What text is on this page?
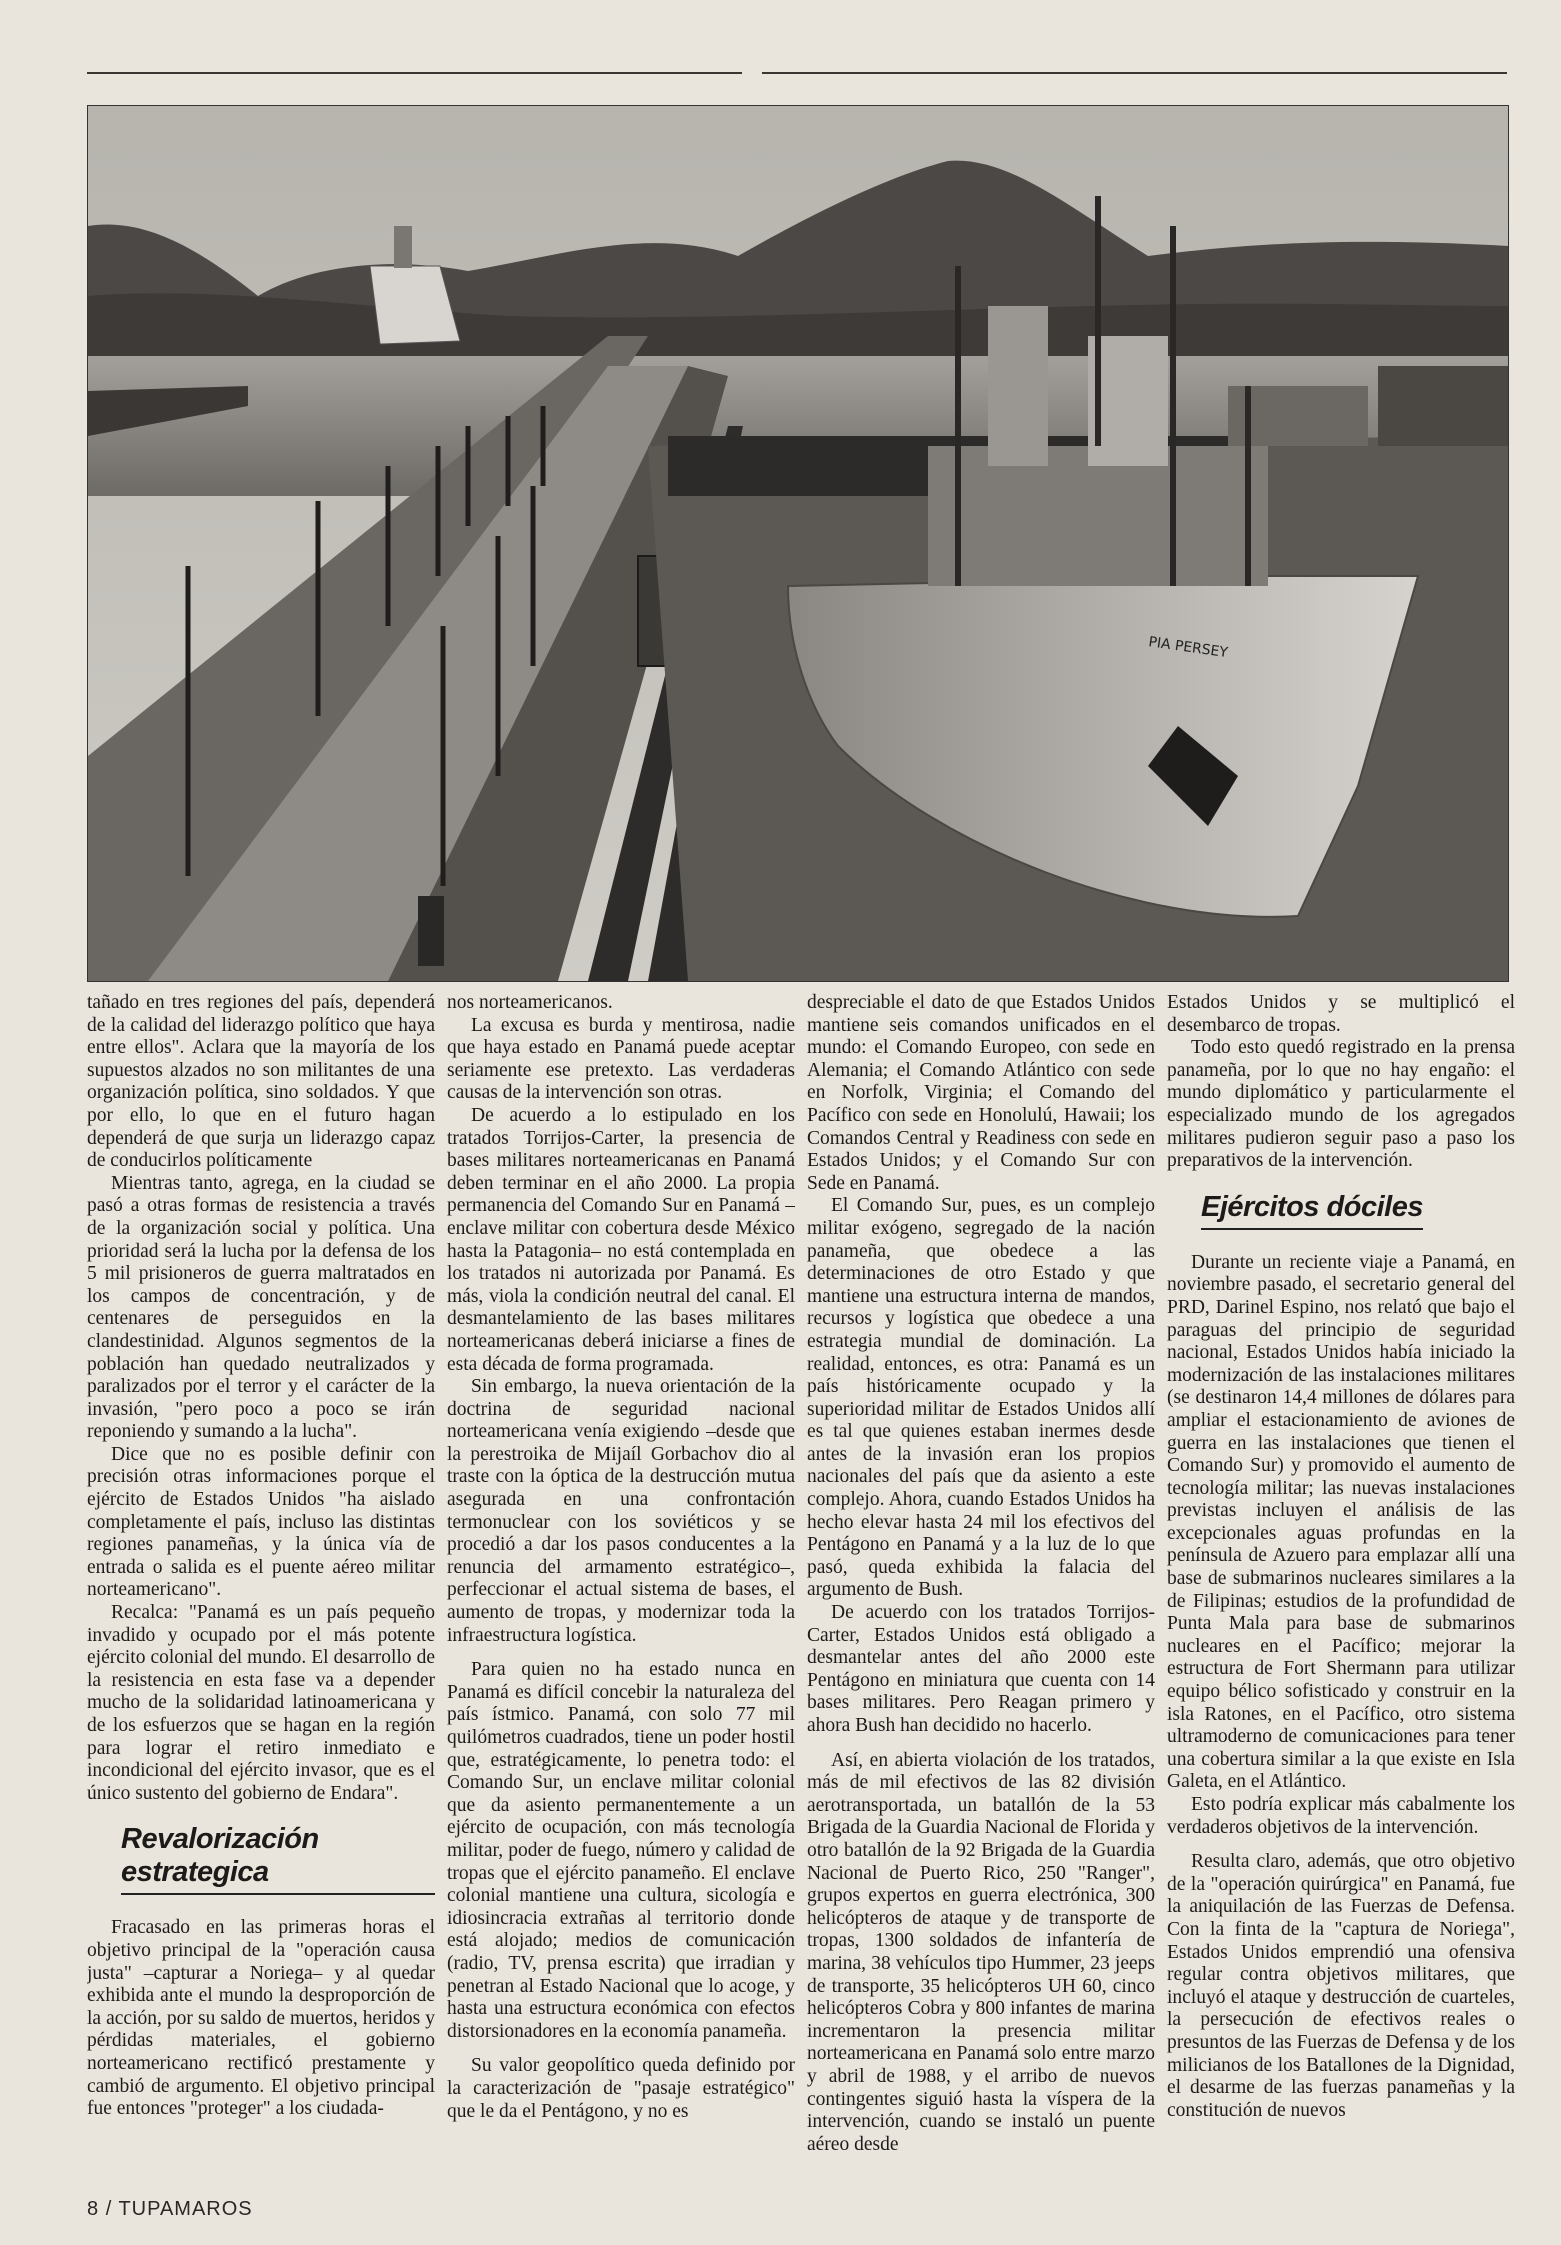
PIA PERSEY

tañado en tres regiones del país, dependerá de la calidad del liderazgo político que haya entre ellos". Aclara que la mayoría de los supuestos alzados no son militantes de una organización política, sino soldados. Y que por ello, lo que en el futuro hagan dependerá de que surja un liderazgo capaz de conducirlos políticamente

Mientras tanto, agrega, en la ciudad se pasó a otras formas de resistencia a través de la organización social y política. Una prioridad será la lucha por la defensa de los 5 mil prisioneros de guerra maltratados en los campos de concentración, y de centenares de perseguidos en la clandestinidad. Algunos segmentos de la población han quedado neutralizados y paralizados por el terror y el carácter de la invasión, "pero poco a poco se irán reponiendo y sumando a la lucha".

Dice que no es posible definir con precisión otras informaciones porque el ejército de Estados Unidos "ha aislado completamente el país, incluso las distintas regiones panameñas, y la única vía de entrada o salida es el puente aéreo militar norteamericano".

Recalca: "Panamá es un país pequeño invadido y ocupado por el más potente ejército colonial del mundo. El desarrollo de la resistencia en esta fase va a depender mucho de la solidaridad latinoamericana y de los esfuerzos que se hagan en la región para lograr el retiro inmediato e incondicional del ejército invasor, que es el único sustento del gobierno de Endara".

Revalorización estrategica

Fracasado en las primeras horas el objetivo principal de la "operación causa justa" –capturar a Noriega– y al quedar exhibida ante el mundo la desproporción de la acción, por su saldo de muertos, heridos y pérdidas materiales, el gobierno norteamericano rectificó prestamente y cambió de argumento. El objetivo principal fue entonces "proteger" a los ciudada-

nos norteamericanos.

La excusa es burda y mentirosa, nadie que haya estado en Panamá puede aceptar seriamente ese pretexto. Las verdaderas causas de la intervención son otras.

De acuerdo a lo estipulado en los tratados Torrijos-Carter, la presencia de bases militares norteamericanas en Panamá deben terminar en el año 2000. La propia permanencia del Comando Sur en Panamá –enclave militar con cobertura desde México hasta la Patagonia– no está contemplada en los tratados ni autorizada por Panamá. Es más, viola la condición neutral del canal. El desmantelamiento de las bases militares norteamericanas deberá iniciarse a fines de esta década de forma programada.

Sin embargo, la nueva orientación de la doctrina de seguridad nacional norteamericana venía exigiendo –desde que la perestroika de Mijaíl Gorbachov dio al traste con la óptica de la destrucción mutua asegurada en una confrontación termonuclear con los soviéticos y se procedió a dar los pasos conducentes a la renuncia del armamento estratégico–, perfeccionar el actual sistema de bases, el aumento de tropas, y modernizar toda la infraestructura logística.

Para quien no ha estado nunca en Panamá es difícil concebir la naturaleza del país ístmico. Panamá, con solo 77 mil quilómetros cuadrados, tiene un poder hostil que, estratégicamente, lo penetra todo: el Comando Sur, un enclave militar colonial que da asiento permanentemente a un ejército de ocupación, con más tecnología militar, poder de fuego, número y calidad de tropas que el ejército panameño. El enclave colonial mantiene una cultura, sicología e idiosincracia extrañas al territorio donde está alojado; medios de comunicación (radio, TV, prensa escrita) que irradian y penetran al Estado Nacional que lo acoge, y hasta una estructura económica con efectos distorsionadores en la economía panameña.

Su valor geopolítico queda definido por la caracterización de "pasaje estratégico" que le da el Pentágono, y no es

despreciable el dato de que Estados Unidos mantiene seis comandos unificados en el mundo: el Comando Europeo, con sede en Alemania; el Comando Atlántico con sede en Norfolk, Virginia; el Comando del Pacífico con sede en Honolulú, Hawaii; los Comandos Central y Readiness con sede en Estados Unidos; y el Comando Sur con Sede en Panamá.

El Comando Sur, pues, es un complejo militar exógeno, segregado de la nación panameña, que obedece a las determinaciones de otro Estado y que mantiene una estructura interna de mandos, recursos y logística que obedece a una estrategia mundial de dominación. La realidad, entonces, es otra: Panamá es un país históricamente ocupado y la superioridad militar de Estados Unidos allí es tal que quienes estaban inermes desde antes de la invasión eran los propios nacionales del país que da asiento a este complejo. Ahora, cuando Estados Unidos ha hecho elevar hasta 24 mil los efectivos del Pentágono en Panamá y a la luz de lo que pasó, queda exhibida la falacia del argumento de Bush.

De acuerdo con los tratados Torrijos-Carter, Estados Unidos está obligado a desmantelar antes del año 2000 este Pentágono en miniatura que cuenta con 14 bases militares. Pero Reagan primero y ahora Bush han decidido no hacerlo.

Así, en abierta violación de los tratados, más de mil efectivos de las 82 división aerotransportada, un batallón de la 53 Brigada de la Guardia Nacional de Florida y otro batallón de la 92 Brigada de la Guardia Nacional de Puerto Rico, 250 "Ranger", grupos expertos en guerra electrónica, 300 helicópteros de ataque y de transporte de tropas, 1300 soldados de infantería de marina, 38 vehículos tipo Hummer, 23 jeeps de transporte, 35 helicópteros UH 60, cinco helicópteros Cobra y 800 infantes de marina incrementaron la presencia militar norteamericana en Panamá solo entre marzo y abril de 1988, y el arribo de nuevos contingentes siguió hasta la víspera de la intervención, cuando se instaló un puente aéreo desde

Estados Unidos y se multiplicó el desembarco de tropas.

Todo esto quedó registrado en la prensa panameña, por lo que no hay engaño: el mundo diplomático y particularmente el especializado mundo de los agregados militares pudieron seguir paso a paso los preparativos de la intervención.

Ejércitos dóciles

Durante un reciente viaje a Panamá, en noviembre pasado, el secretario general del PRD, Darinel Espino, nos relató que bajo el paraguas del principio de seguridad nacional, Estados Unidos había iniciado la modernización de las instalaciones militares (se destinaron 14,4 millones de dólares para ampliar el estacionamiento de aviones de guerra en las instalaciones que tienen el Comando Sur) y promovido el aumento de tecnología militar; las nuevas instalaciones previstas incluyen el análisis de las excepcionales aguas profundas en la península de Azuero para emplazar allí una base de submarinos nucleares similares a la de Filipinas; estudios de la profundidad de Punta Mala para base de submarinos nucleares en el Pacífico; mejorar la estructura de Fort Shermann para utilizar equipo bélico sofisticado y construir en la isla Ratones, en el Pacífico, otro sistema ultramoderno de comunicaciones para tener una cobertura similar a la que existe en Isla Galeta, en el Atlántico.

Esto podría explicar más cabalmente los verdaderos objetivos de la intervención.

Resulta claro, además, que otro objetivo de la "operación quirúrgica" en Panamá, fue la aniquilación de las Fuerzas de Defensa. Con la finta de la "captura de Noriega", Estados Unidos emprendió una ofensiva regular contra objetivos militares, que incluyó el ataque y destrucción de cuarteles, la persecución de efectivos reales o presuntos de las Fuerzas de Defensa y de los milicianos de los Batallones de la Dignidad, el desarme de las fuerzas panameñas y la constitución de nuevos

8 / TUPAMAROS
